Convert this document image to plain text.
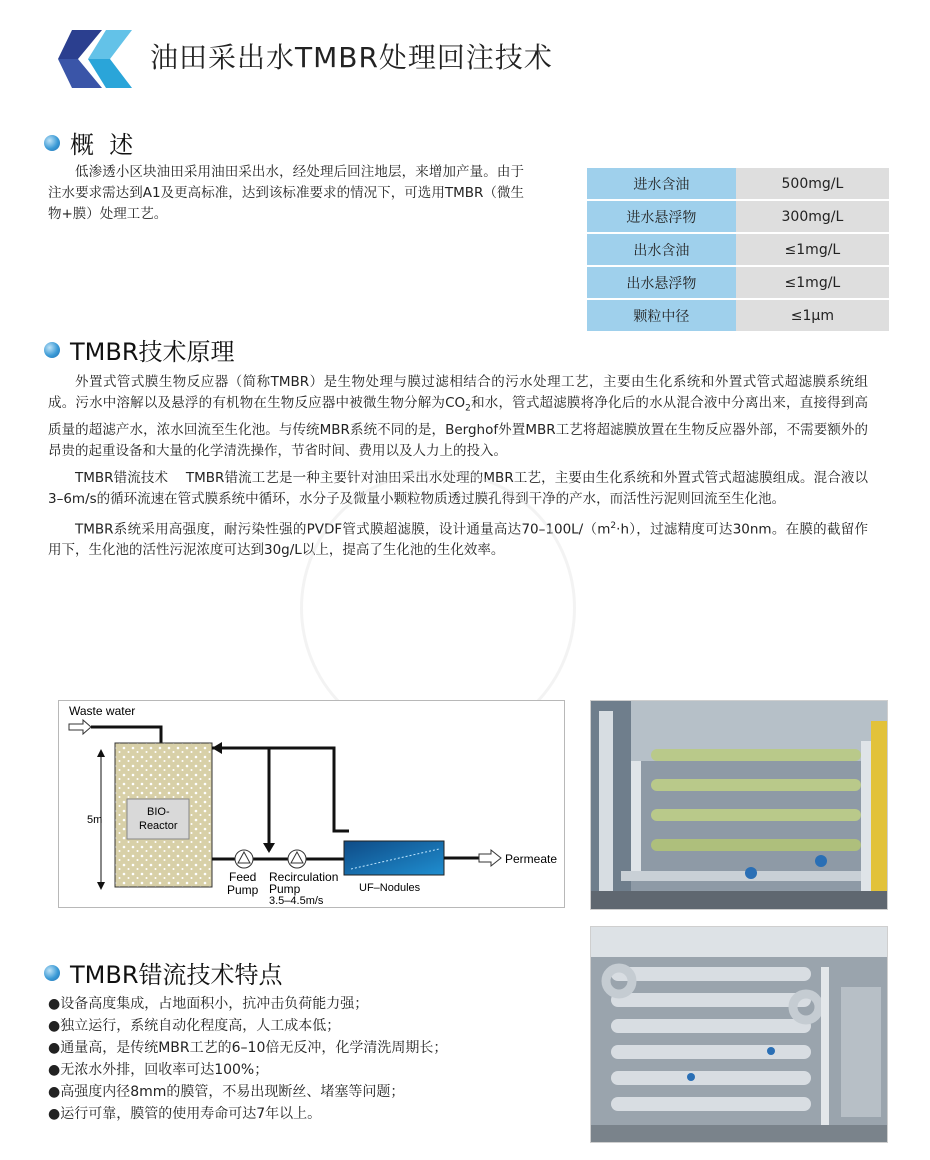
油田采出水TMBR处理回注技术
概  述

低渗透小区块油田采用油田采出水，经处理后回注地层，来增加产量。由于注水要求需达到A1及更高标准，达到该标准要求的情况下，可选用TMBR（微生物+膜）处理工艺。

进水含油	500mg/L
进水悬浮物	300mg/L
出水含油	≤1mg/L
出水悬浮物	≤1mg/L
颗粒中径	≤1μm
TMBR技术原理

外置式管式膜生物反应器（简称TMBR）是生物处理与膜过滤相结合的污水处理工艺，主要由生化系统和外置式管式超滤膜系统组成。污水中溶解以及悬浮的有机物在生物反应器中被微生物分解为$CO_2$和水，管式超滤膜将净化后的水从混合液中分离出来，直接得到高质量的超滤产水，浓水回流至生化池。与传统MBR系统不同的是，Berghof外置MBR工艺将超滤膜放置在生物反应器外部，不需要额外的昂贵的起重设备和大量的化学清洗操作，节省时间、费用以及人力上的投入。

TMBR错流技术    TMBR错流工艺是一种主要针对油田采出水处理的MBR工艺，主要由生化系统和外置式管式超滤膜组成。混合液以3–6m/s的循环流速在管式膜系统中循环，水分子及微量小颗粒物质透过膜孔得到干净的产水，而活性污泥则回流至生化池。

TMBR系统采用高强度，耐污染性强的PVDF管式膜超滤膜，设计通量高达$70-100L/(m^2\cdot h)$，过滤精度可达30nm。在膜的截留作用下，生化池的活性污泥浓度可达到30g/L以上，提高了生化池的生化效率。

Waste water
5m
BIO-
Reactor
Feed
Pump
Recirculation
Pump
3.5–4.5m/s
UF–Nodules
Permeate
TMBR错流技术特点
●设备高度集成，占地面积小，抗冲击负荷能力强；
●独立运行，系统自动化程度高，人工成本低；
●通量高，是传统MBR工艺的6–10倍无反冲，化学清洗周期长；
●无浓水外排，回收率可达100%；
●高强度内径8mm的膜管，不易出现断丝、堵塞等问题；
●运行可靠，膜管的使用寿命可达7年以上。
